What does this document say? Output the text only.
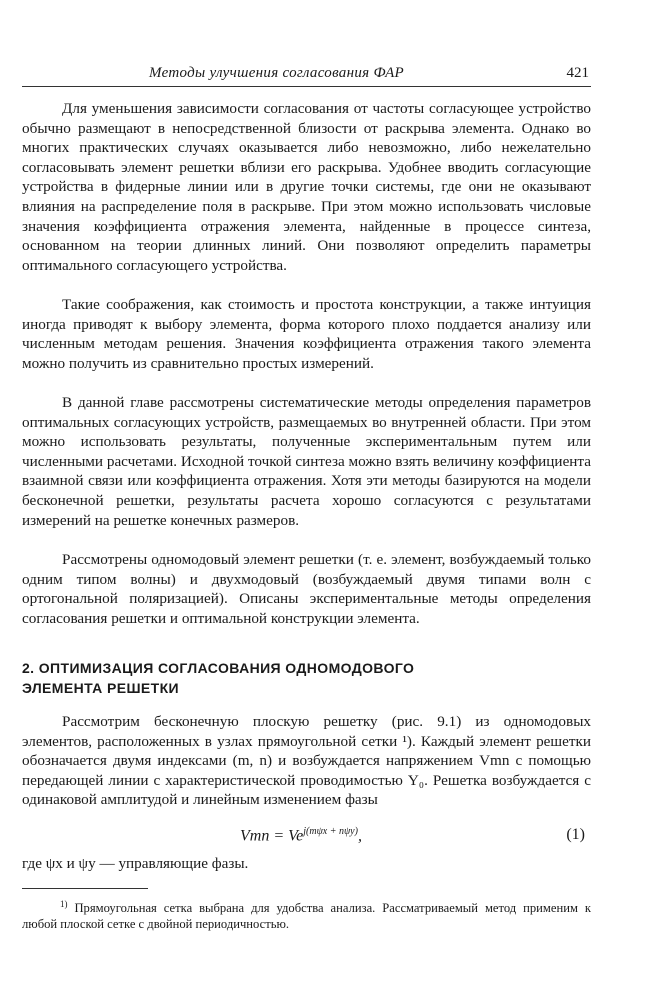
Методы улучшения согласования ФАР	421

Для уменьшения зависимости согласования от частоты согласующее устройство обычно размещают в непосредственной близости от раскрыва элемента. Однако во многих практических случаях оказывается либо невозможно, либо нежелательно согласовывать элемент решетки вблизи его раскрыва. Удобнее вводить согласующие устройства в фидерные линии или в другие точки системы, где они не оказывают влияния на распределение поля в раскрыве. При этом можно использовать числовые значения коэффициента отражения элемента, найденные в процессе синтеза, основанном на теории длинных линий. Они позволяют определить параметры оптимального согласующего устройства.

Такие соображения, как стоимость и простота конструкции, а также интуиция иногда приводят к выбору элемента, форма которого плохо поддается анализу или численным методам решения. Значения коэффициента отражения такого элемента можно получить из сравнительно простых измерений.

В данной главе рассмотрены систематические методы определения параметров оптимальных согласующих устройств, размещаемых во внутренней области. При этом можно использовать результаты, полученные экспериментальным путем или численными расчетами. Исходной точкой синтеза можно взять величину коэффициента взаимной связи или коэффициента отражения. Хотя эти методы базируются на модели бесконечной решетки, результаты расчета хорошо согласуются с результатами измерений на решетке конечных размеров.

Рассмотрены одномодовый элемент решетки (т. е. элемент, возбуждаемый только одним типом волны) и двухмодовый (возбуждаемый двумя типами волн с ортогональной поляризацией). Описаны экспериментальные методы определения согласования решетки и оптимальной конструкции элемента.

2. ОПТИМИЗАЦИЯ СОГЛАСОВАНИЯ ОДНОМОДОВОГО
ЭЛЕМЕНТА РЕШЕТКИ

Рассмотрим бесконечную плоскую решетку (рис. 9.1) из одномодовых элементов, расположенных в узлах прямоугольной сетки ¹). Каждый элемент решетки обозначается двумя индексами (m, n) и возбуждается напряжением Vmn с помощью передающей линии с характеристической проводимостью Y₀. Решетка возбуждается с одинаковой амплитудой и линейным изменением фазы

Vmn = $Ve^{j(m\psi x + n\psi y)}$,	(1)
где ψx и ψy — управляющие фазы.
$^{1)}$ Прямоугольная сетка выбрана для удобства анализа. Рассматриваемый метод применим к любой плоской сетке с двойной периодичностью.
